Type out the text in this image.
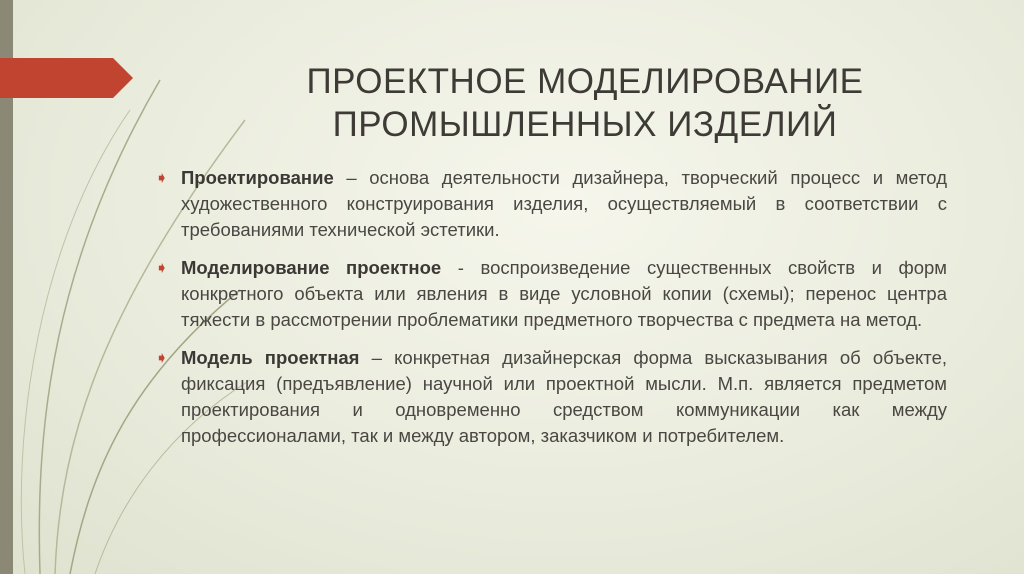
ПРОЕКТНОЕ МОДЕЛИРОВАНИЕ
ПРОМЫШЛЕННЫХ ИЗДЕЛИЙ
➧ Проектирование – основа деятельности дизайнера, творческий процесс и метод художественного конструирования изделия, осуществляемый в соответствии с требованиями технической эстетики.
➧ Моделирование проектное - воспроизведение существенных свойств и форм конкретного объекта или явления в виде условной копии (схемы); перенос центра тяжести в рассмотрении проблематики предметного творчества с предмета на метод.
➧ Модель проектная – конкретная дизайнерская форма высказывания об объекте, фиксация (предъявление) научной или проектной мысли. М.п. является предметом проектирования и одновременно средством коммуникации как между профессионалами, так и между автором, заказчиком и потребителем.
